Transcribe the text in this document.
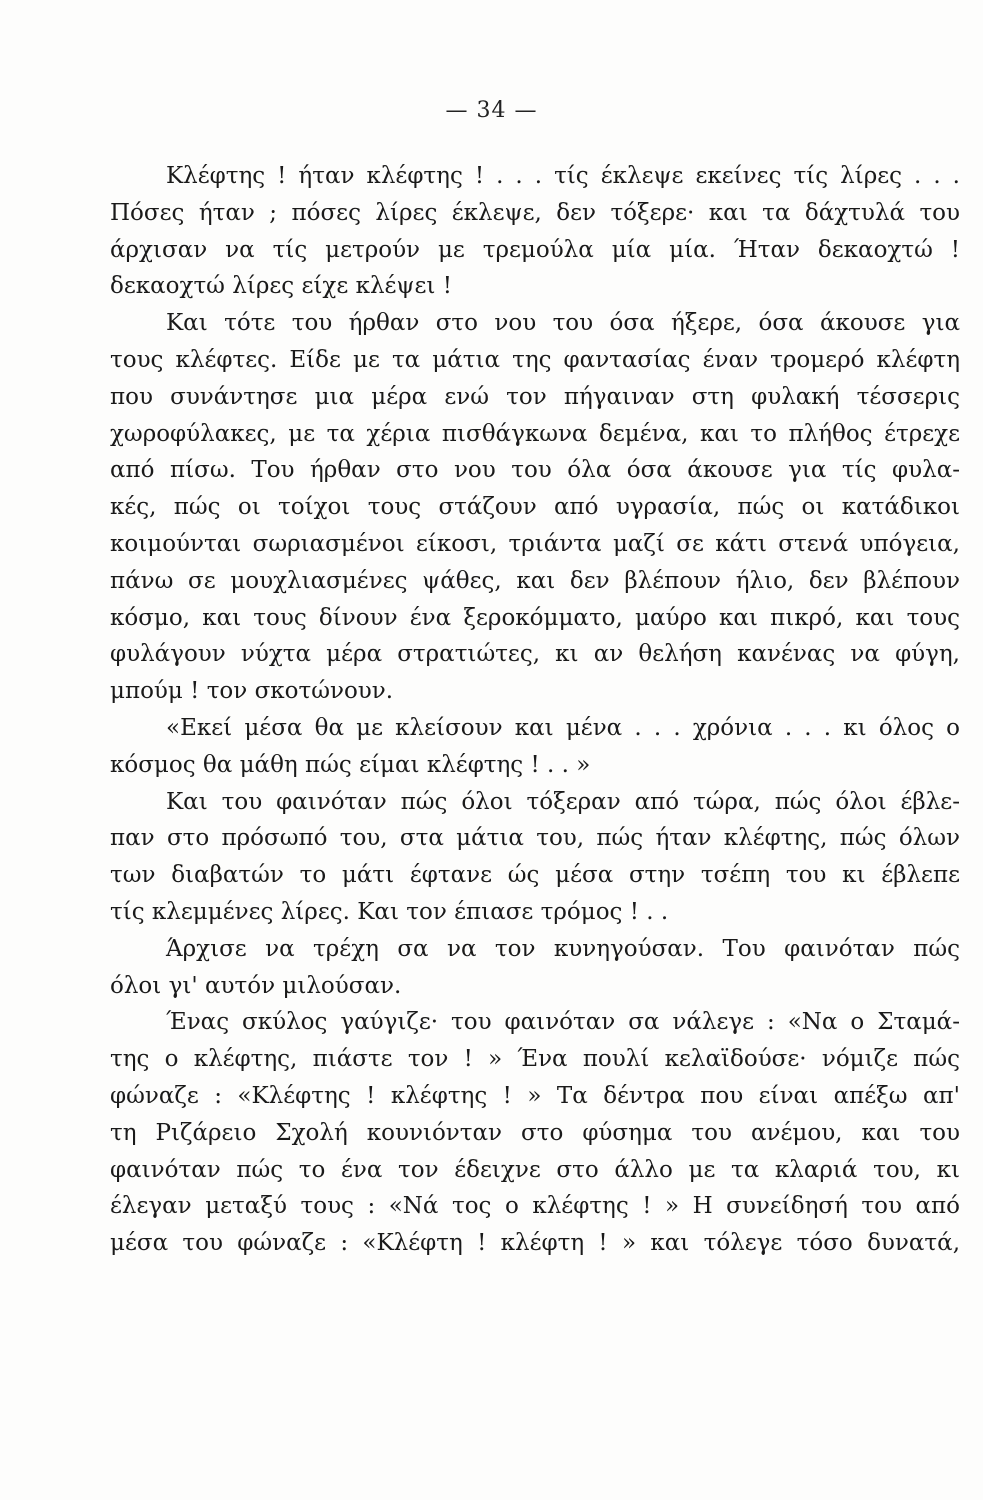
— 34 —
Κλέφτης ! ήταν κλέφτης ! . . . τίς έκλεψε εκείνες τίς λίρες . . .
Πόσες ήταν ; πόσες λίρες έκλεψε, δεν τόξερε· και τα δάχτυλά του
άρχισαν να τίς μετρούν με τρεμούλα μία μία. Ήταν δεκαοχτώ !
δεκαοχτώ λίρες είχε κλέψει !
Και τότε του ήρθαν στο νου του όσα ήξερε, όσα άκουσε για
τους κλέφτες. Είδε με τα μάτια της φαντασίας έναν τρομερό κλέφτη
που συνάντησε μια μέρα ενώ τον πήγαιναν στη φυλακή τέσσερις
χωροφύλακες, με τα χέρια πισθάγκωνα δεμένα, και το πλήθος έτρεχε
από πίσω. Του ήρθαν στο νου του όλα όσα άκουσε για τίς φυλα-
κές, πώς οι τοίχοι τους στάζουν από υγρασία, πώς οι κατάδικοι
κοιμούνται σωριασμένοι είκοσι, τριάντα μαζί σε κάτι στενά υπόγεια,
πάνω σε μουχλιασμένες ψάθες, και δεν βλέπουν ήλιο, δεν βλέπουν
κόσμο, και τους δίνουν ένα ξεροκόμματο, μαύρο και πικρό, και τους
φυλάγουν νύχτα μέρα στρατιώτες, κι αν θελήση κανένας να φύγη,
μπούμ ! τον σκοτώνουν.
«Εκεί μέσα θα με κλείσουν και μένα . . . χρόνια . . . κι όλος ο
κόσμος θα μάθη πώς είμαι κλέφτης ! . . »
Και του φαινόταν πώς όλοι τόξεραν από τώρα, πώς όλοι έβλε-
παν στο πρόσωπό του, στα μάτια του, πώς ήταν κλέφτης, πώς όλων
των διαβατών το μάτι έφτανε ώς μέσα στην τσέπη του κι έβλεπε
τίς κλεμμένες λίρες. Και τον έπιασε τρόμος ! . .
Άρχισε να τρέχη σα να τον κυνηγούσαν. Του φαινόταν πώς
όλοι γι' αυτόν μιλούσαν.
Ένας σκύλος γαύγιζε· του φαινόταν σα νάλεγε : «Να ο Σταμά-
της ο κλέφτης, πιάστε τον ! » Ένα πουλί κελαϊδούσε· νόμιζε πώς
φώναζε : «Κλέφτης ! κλέφτης ! » Τα δέντρα που είναι απέξω απ'
τη Ριζάρειο Σχολή κουνιόνταν στο φύσημα του ανέμου, και του
φαινόταν πώς το ένα τον έδειχνε στο άλλο με τα κλαριά του, κι
έλεγαν μεταξύ τους : «Νά τος ο κλέφτης ! » Η συνείδησή του από
μέσα του φώναζε : «Κλέφτη ! κλέφτη ! » και τόλεγε τόσο δυνατά,
